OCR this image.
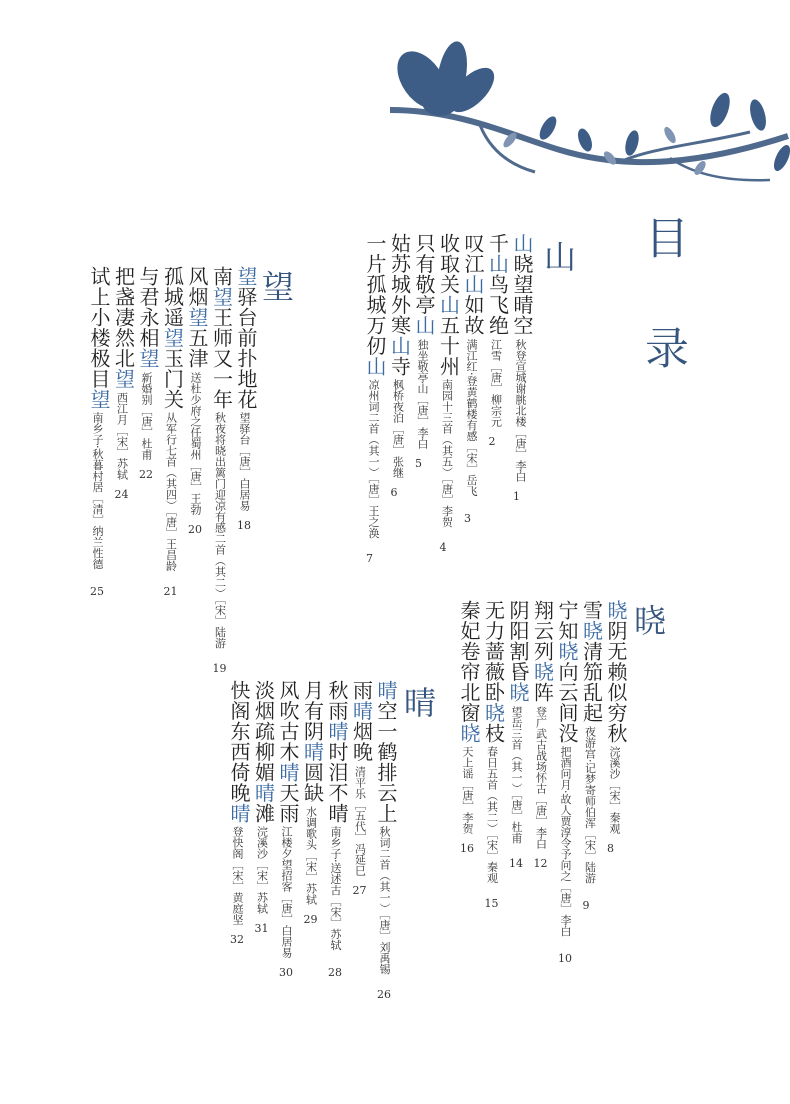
目 录
山
望
晓
晴
山晓望晴空
秋登宣城谢朓北楼［唐］李白
1
千山鸟飞绝
江雪［唐］柳宗元
2
叹江山如故
满江红·登黄鹤楼有感［宋］岳飞
3
收取关山五十州
南园十三首（其五）［唐］李贺
4
只有敬亭山
独坐敬亭山［唐］李白
5
姑苏城外寒山寺
枫桥夜泊［唐］张继
6
一片孤城万仞山
凉州词二首（其一）［唐］王之涣
7
望驿台前扑地花
望驿台［唐］白居易
18
南望王师又一年
秋夜将晓出篱门迎凉有感二首（其二）［宋］陆游
19
风烟望五津
送杜少府之任蜀州［唐］王勃
20
孤城遥望玉门关
从军行七首（其四）［唐］王昌龄
21
与君永相望
新婚别［唐］杜甫
22
把盏凄然北望
西江月［宋］苏轼
24
试上小楼极目望
南乡子·秋暮村居［清］纳兰性德
25
晓阴无赖似穷秋
浣溪沙［宋］秦观
8
雪晓清笳乱起
夜游宫·记梦寄师伯浑［宋］陆游
9
宁知晓向云间没
把酒问月·故人贾淳令予问之［唐］李白
10
翔云列晓阵
登广武古战场怀古［唐］李白
12
阴阳割昏晓
望岳三首（其一）［唐］杜甫
14
无力蔷薇卧晓枝
春日五首（其二）［宋］秦观
15
秦妃卷帘北窗晓
天上谣［唐］李贺
16
晴空一鹤排云上
秋词二首（其一）［唐］刘禹锡
26
雨晴烟晚
清平乐［五代］冯延巳
27
秋雨晴时泪不晴
南乡子·送述古［宋］苏轼
28
月有阴晴圆缺
水调歌头［宋］苏轼
29
风吹古木晴天雨
江楼夕望招客［唐］白居易
30
淡烟疏柳媚晴滩
浣溪沙［宋］苏轼
31
快阁东西倚晚晴
登快阁［宋］黄庭坚
32
